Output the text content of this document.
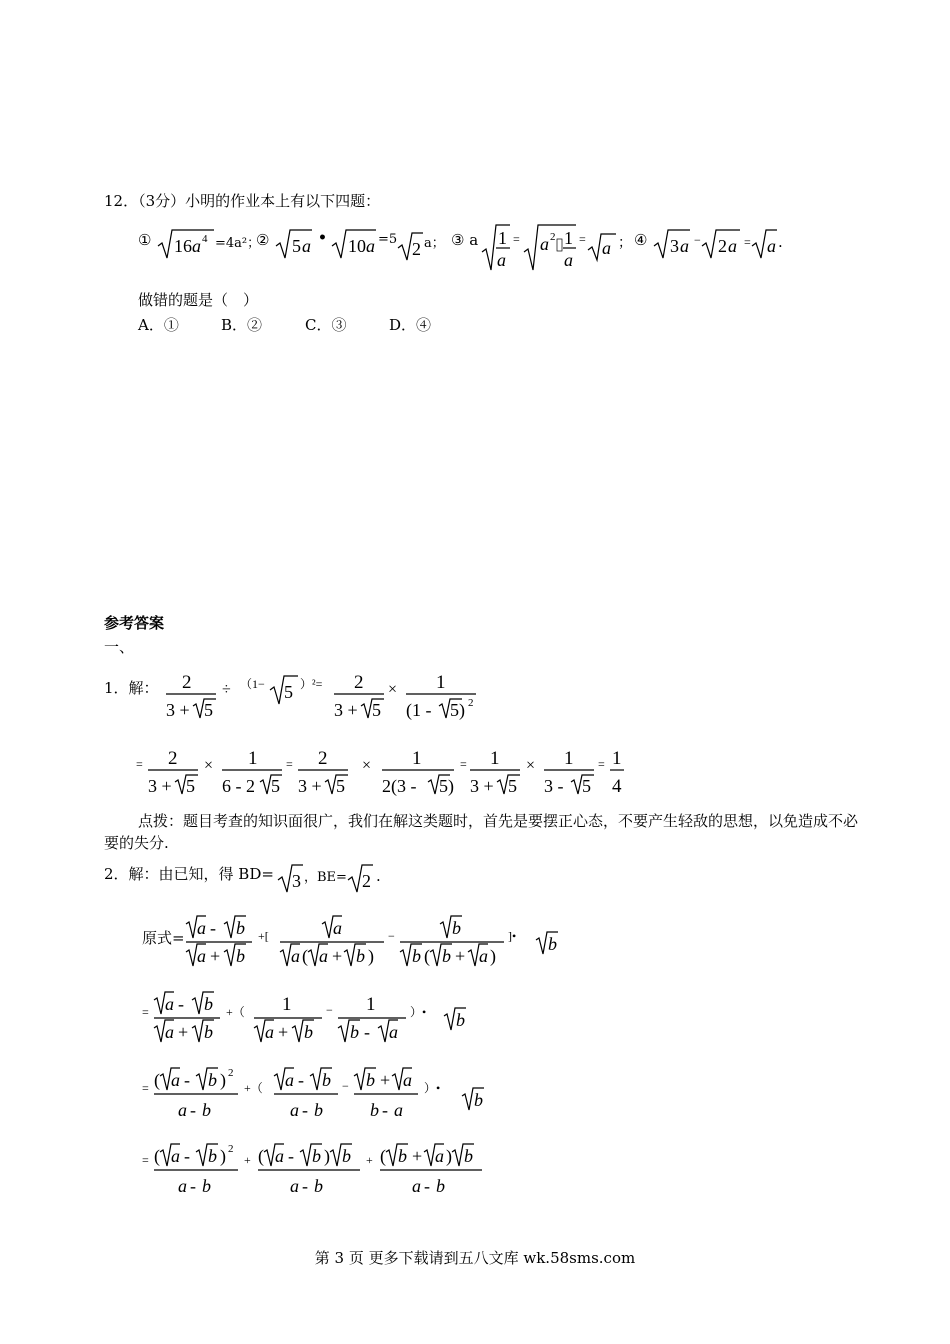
12．（3分）小明的作业本上有以下四题：
① 16 a 4 =4a²；
② 5 a • 10 a =5 2 a； ③ a 1
a
= a 2 1
a
= a ； ④ 3 a − 2 a = a .
做错的题是（　）
A．①	B．②	C．③	D．④
参考答案
一、
1．解： 2
3 + 5
÷ （1− 5 ）²= 2
3 + 5
× 1
(1 - 5) 2
= 2
3 + 5
× 1
6 - 2 5
= 2
3 + 5
× 1
2(3 - 5)
= 1
3 + 5
× 1
3 - 5
= 1
4
点拨：题目考查的知识面很广，我们在解这类题时，首先是要摆正心态，不要产生轻敌的思想，以免造成不必要的失分.
2．解：由已知，得 BD= 3 ，BE= 2 .
原式= a - b
a + b
+[	a
a ( a + b )
−	b
b ( b + a )
]• b
= a - b
a + b
+（ 1
a + b
− 1
b - a
）• b
= ( a - b ) 2
a - b
+（ a - b
a - b
− b + a
b - a
）•
b
= ( a - b ) 2
a - b
+ ( a - b ) b
a - b
+ ( b + a ) b
a - b
第 3 页 更多下载请到五八文库 wk.58sms.com
